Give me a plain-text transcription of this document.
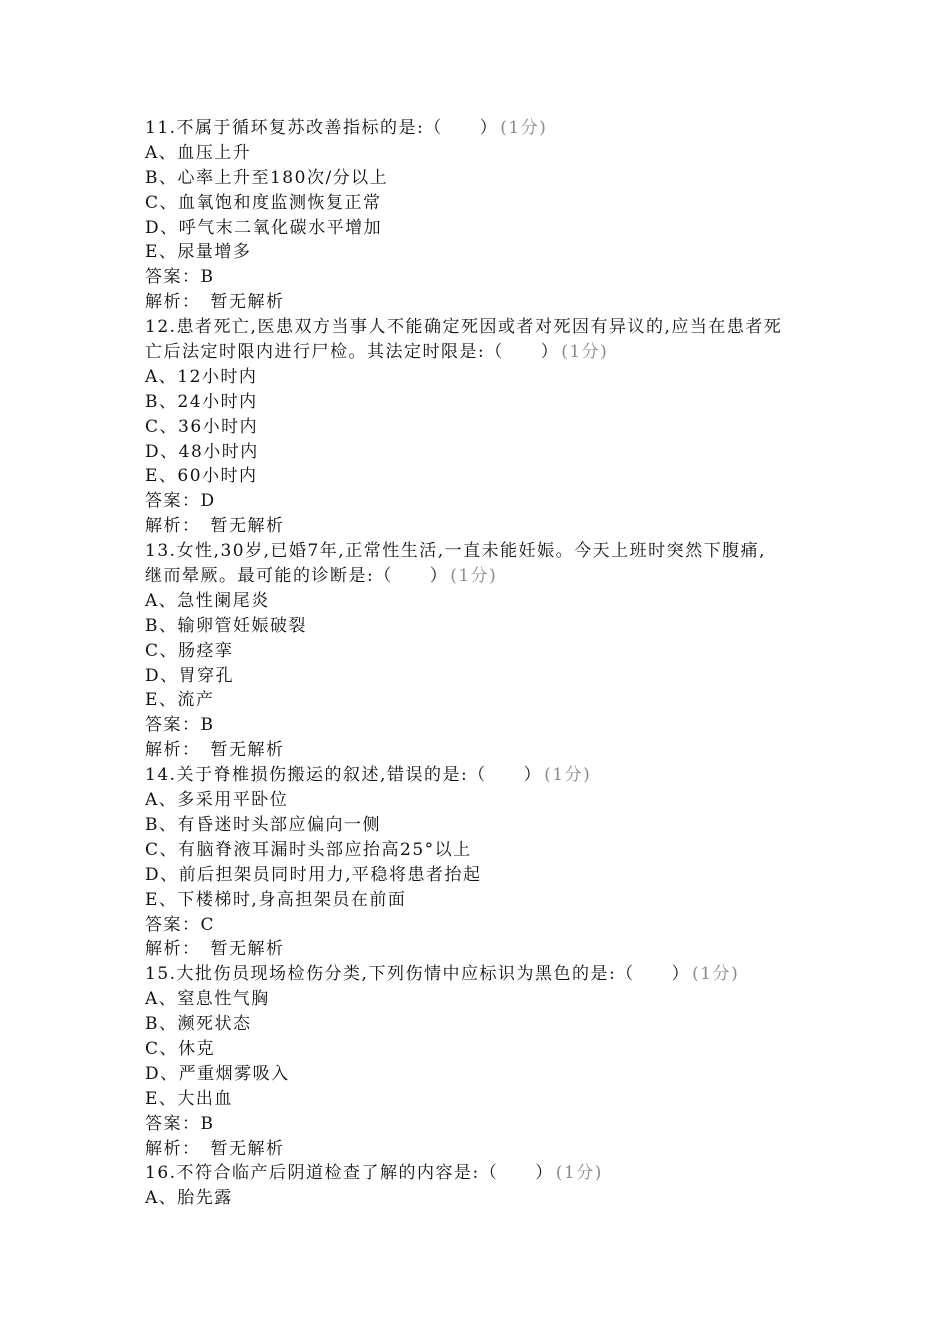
11.不属于循环复苏改善指标的是:（　　） (1分)
A、血压上升
B、心率上升至180次/分以上
C、血氧饱和度监测恢复正常
D、呼气末二氧化碳水平增加
E、尿量增多
答案：B
解析：　暂无解析
12.患者死亡,医患双方当事人不能确定死因或者对死因有异议的,应当在患者死
亡后法定时限内进行尸检。其法定时限是:（　　） (1分)
A、12小时内
B、24小时内
C、36小时内
D、48小时内
E、60小时内
答案：D
解析：　暂无解析
13.女性,30岁,已婚7年,正常性生活,一直未能妊娠。今天上班时突然下腹痛,
继而晕厥。最可能的诊断是:（　　） (1分)
A、急性阑尾炎
B、输卵管妊娠破裂
C、肠痉挛
D、胃穿孔
E、流产
答案：B
解析：　暂无解析
14.关于脊椎损伤搬运的叙述,错误的是:（　　） (1分)
A、多采用平卧位
B、有昏迷时头部应偏向一侧
C、有脑脊液耳漏时头部应抬高25°以上
D、前后担架员同时用力,平稳将患者抬起
E、下楼梯时,身高担架员在前面
答案：C
解析：　暂无解析
15.大批伤员现场检伤分类,下列伤情中应标识为黑色的是:（　　） (1分)
A、窒息性气胸
B、濒死状态
C、休克
D、严重烟雾吸入
E、大出血
答案：B
解析：　暂无解析
16.不符合临产后阴道检查了解的内容是:（　　） (1分)
A、胎先露
